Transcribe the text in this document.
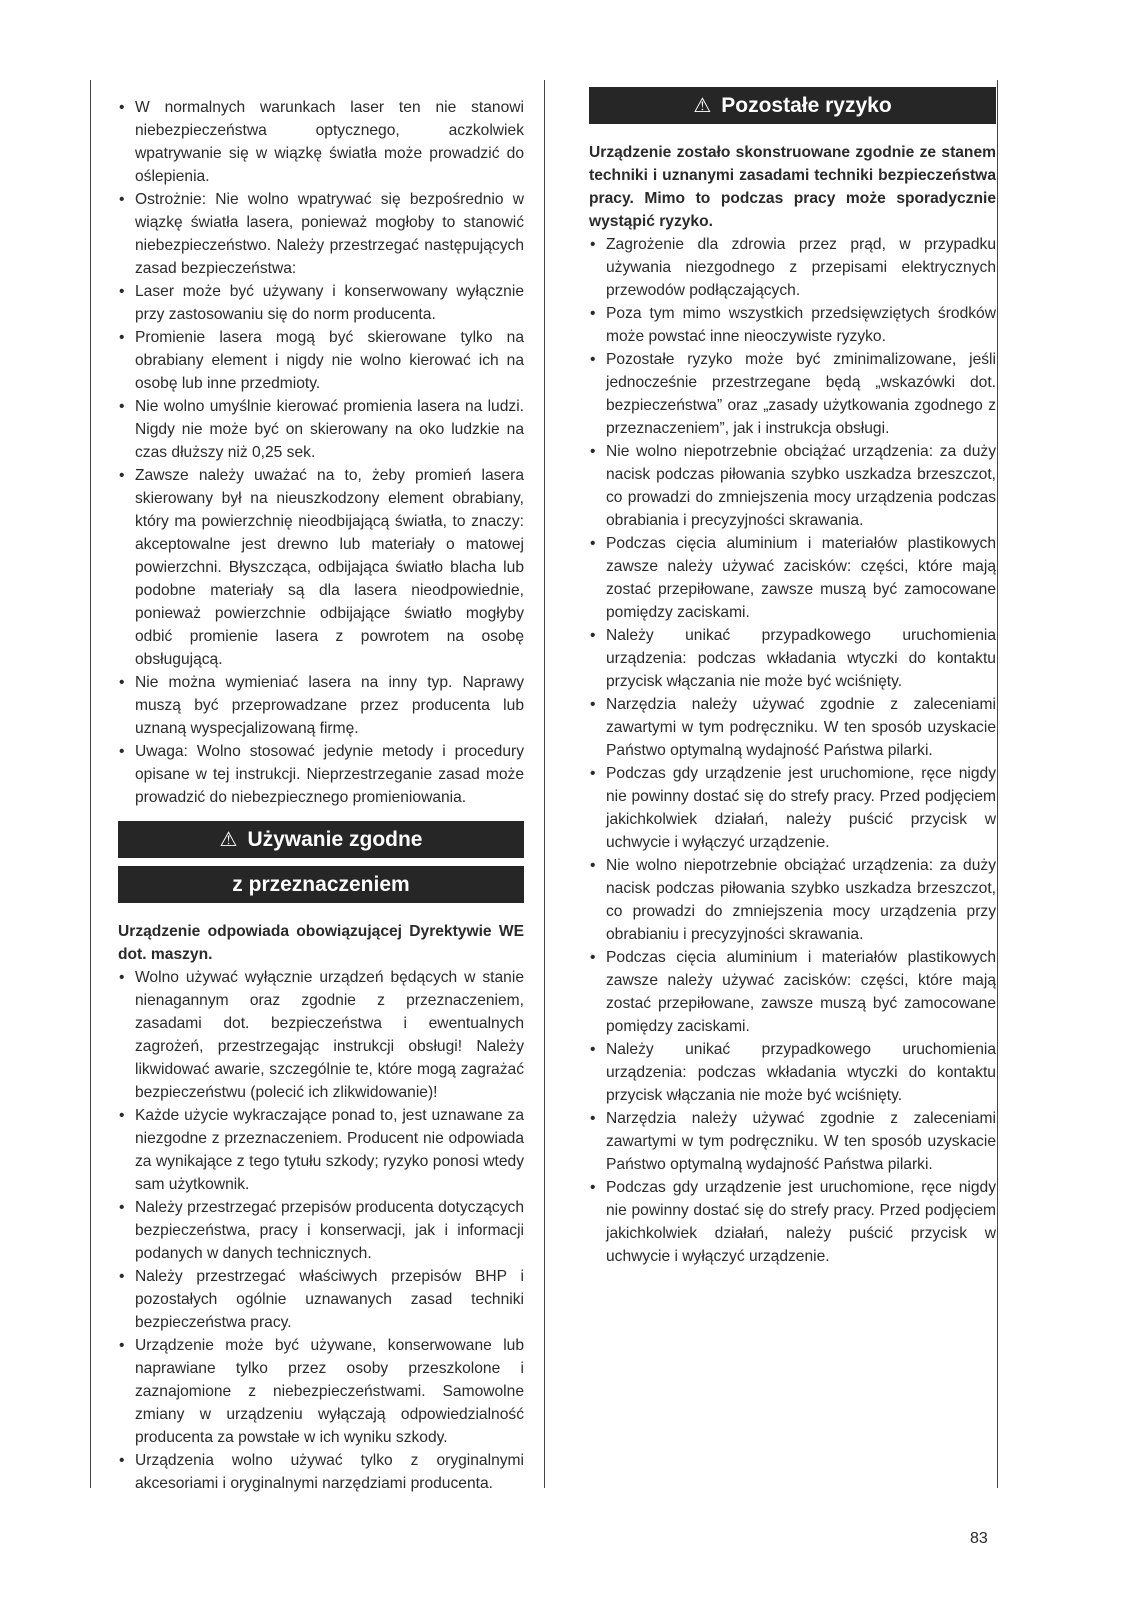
• W normalnych warunkach laser ten nie stanowi niebezpieczeństwa optycznego, aczkolwiek wpatrywanie się w wiązkę światła może prowadzić do oślepienia.
• Ostrożnie: Nie wolno wpatrywać się bezpośrednio w wiązkę światła lasera, ponieważ mogłoby to stanowić niebezpieczeństwo. Należy przestrzegać następujących zasad bezpieczeństwa:
• Laser może być używany i konserwowany wyłącznie przy zastosowaniu się do norm producenta.
• Promienie lasera mogą być skierowane tylko na obrabiany element i nigdy nie wolno kierować ich na osobę lub inne przedmioty.
• Nie wolno umyślnie kierować promienia lasera na ludzi. Nigdy nie może być on skierowany na oko ludzkie na czas dłuższy niż 0,25 sek.
• Zawsze należy uważać na to, żeby promień lasera skierowany był na nieuszkodzony element obrabiany, który ma powierzchnię nieodbijającą światła, to znaczy: akceptowalne jest drewno lub materiały o matowej powierzchni. Błyszcząca, odbijająca światło blacha lub podobne materiały są dla lasera nieodpowiednie, ponieważ powierzchnie odbijające światło mogłyby odbić promienie lasera z powrotem na osobę obsługującą.
• Nie można wymieniać lasera na inny typ. Naprawy muszą być przeprowadzane przez producenta lub uznaną wyspecjalizowaną firmę.
• Uwaga: Wolno stosować jedynie metody i procedury opisane w tej instrukcji. Nieprzestrzeganie zasad może prowadzić do niebezpiecznego promieniowania.
⚠ Używanie zgodne
z przeznaczeniem

Urządzenie odpowiada obowiązującej Dyrektywie WE dot. maszyn.

• Wolno używać wyłącznie urządzeń będących w stanie nienagannym oraz zgodnie z przeznaczeniem, zasadami dot. bezpieczeństwa i ewentualnych zagrożeń, przestrzegając instrukcji obsługi! Należy likwidować awarie, szczególnie te, które mogą zagrażać bezpieczeństwu (polecić ich zlikwidowanie)!
• Każde użycie wykraczające ponad to, jest uznawane za niezgodne z przeznaczeniem. Producent nie odpowiada za wynikające z tego tytułu szkody; ryzyko ponosi wtedy sam użytkownik.
• Należy przestrzegać przepisów producenta dotyczących bezpieczeństwa, pracy i konserwacji, jak i informacji podanych w danych technicznych.
• Należy przestrzegać właściwych przepisów BHP i pozostałych ogólnie uznawanych zasad techniki bezpieczeństwa pracy.
• Urządzenie może być używane, konserwowane lub naprawiane tylko przez osoby przeszkolone i zaznajomione z niebezpieczeństwami. Samowolne zmiany w urządzeniu wyłączają odpowiedzialność producenta za powstałe w ich wyniku szkody.
• Urządzenia wolno używać tylko z oryginalnymi akcesoriami i oryginalnymi narzędziami producenta.
⚠ Pozostałe ryzyko

Urządzenie zostało skonstruowane zgodnie ze stanem techniki i uznanymi zasadami techniki bezpieczeństwa pracy. Mimo to podczas pracy może sporadycznie wystąpić ryzyko.

• Zagrożenie dla zdrowia przez prąd, w przypadku używania niezgodnego z przepisami elektrycznych przewodów podłączających.
• Poza tym mimo wszystkich przedsięwziętych środków może powstać inne nieoczywiste ryzyko.
• Pozostałe ryzyko może być zminimalizowane, jeśli jednocześnie przestrzegane będą „wskazówki dot. bezpieczeństwa” oraz „zasady użytkowania zgodnego z przeznaczeniem”, jak i instrukcja obsługi.
• Nie wolno niepotrzebnie obciążać urządzenia: za duży nacisk podczas piłowania szybko uszkadza brzeszczot, co prowadzi do zmniejszenia mocy urządzenia podczas obrabiania i precyzyjności skrawania.
• Podczas cięcia aluminium i materiałów plastikowych zawsze należy używać zacisków: części, które mają zostać przepiłowane, zawsze muszą być zamocowane pomiędzy zaciskami.
• Należy unikać przypadkowego uruchomienia urządzenia: podczas wkładania wtyczki do kontaktu przycisk włączania nie może być wciśnięty.
• Narzędzia należy używać zgodnie z zaleceniami zawartymi w tym podręczniku. W ten sposób uzyskacie Państwo optymalną wydajność Państwa pilarki.
• Podczas gdy urządzenie jest uruchomione, ręce nigdy nie powinny dostać się do strefy pracy. Przed podjęciem jakichkolwiek działań, należy puścić przycisk w uchwycie i wyłączyć urządzenie.
• Nie wolno niepotrzebnie obciążać urządzenia: za duży nacisk podczas piłowania szybko uszkadza brzeszczot, co prowadzi do zmniejszenia mocy urządzenia przy obrabianiu i precyzyjności skrawania.
• Podczas cięcia aluminium i materiałów plastikowych zawsze należy używać zacisków: części, które mają zostać przepiłowane, zawsze muszą być zamocowane pomiędzy zaciskami.
• Należy unikać przypadkowego uruchomienia urządzenia: podczas wkładania wtyczki do kontaktu przycisk włączania nie może być wciśnięty.
• Narzędzia należy używać zgodnie z zaleceniami zawartymi w tym podręczniku. W ten sposób uzyskacie Państwo optymalną wydajność Państwa pilarki.
• Podczas gdy urządzenie jest uruchomione, ręce nigdy nie powinny dostać się do strefy pracy. Przed podjęciem jakichkolwiek działań, należy puścić przycisk w uchwycie i wyłączyć urządzenie.
83
